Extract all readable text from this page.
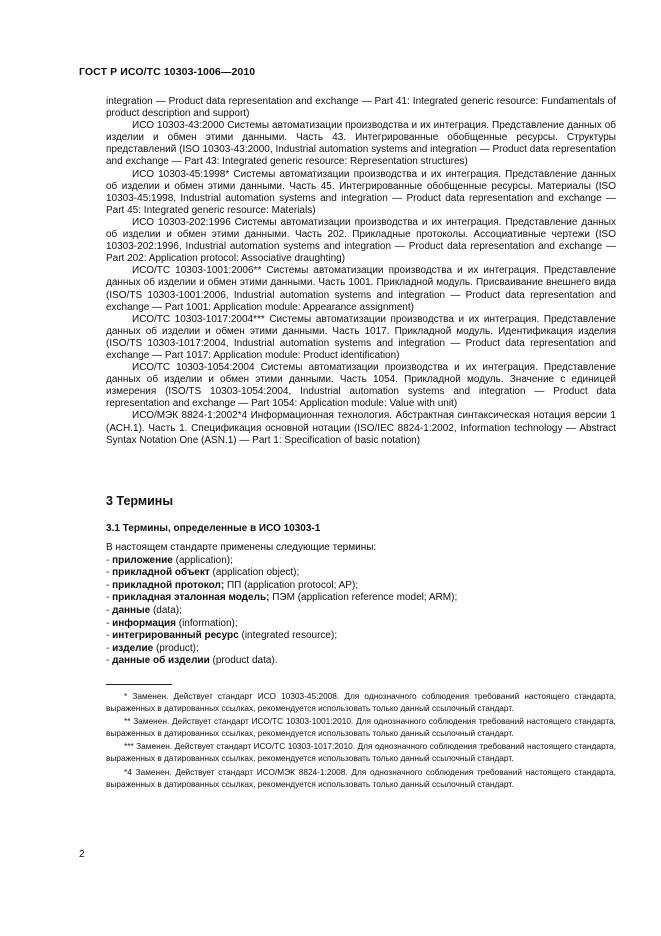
ГОСТ Р ИСО/ТС 10303-1006—2010

integration — Product data representation and exchange — Part 41: Integrated generic resource: Fundamentals of product description and support)

ИСО 10303-43:2000 Системы автоматизации производства и их интеграция. Представление данных об изделии и обмен этими данными. Часть 43. Интегрированные обобщенные ресурсы. Структуры представлений (ISO 10303-43:2000, Industrial automation systems and integration — Product data representation and exchange — Part 43: Integrated generic resource: Representation structures)

ИСО 10303-45:1998* Системы автоматизации производства и их интеграция. Представление данных об изделии и обмен этими данными. Часть 45. Интегрированные обобщенные ресурсы. Материалы (ISO 10303-45:1998, Industrial automation systems and integration — Product data representation and exchange — Part 45: Integrated generic resource: Materials)

ИСО 10303-202:1996 Системы автоматизации производства и их интеграция. Представление данных об изделии и обмен этими данными. Часть 202. Прикладные протоколы. Ассоциативные чертежи (ISO 10303-202:1996, Industrial automation systems and integration — Product data representation and exchange — Part 202: Application protocol: Associative draughting)

ИСО/ТС 10303-1001:2006** Системы автоматизации производства и их интеграция. Представление данных об изделии и обмен этими данными. Часть 1001. Прикладной модуль. Присваивание внешнего вида (ISO/TS 10303-1001:2006, Industrial automation systems and integration — Product data representation and exchange — Part 1001: Application module: Appearance assignment)

ИСО/ТС 10303-1017:2004*** Системы автоматизации производства и их интеграция. Представление данных об изделии и обмен этими данными. Часть 1017. Прикладной модуль. Идентификация изделия (ISO/TS 10303-1017:2004, Industrial automation systems and integration — Product data representation and exchange — Part 1017: Application module: Product identification)

ИСО/ТС 10303-1054:2004 Системы автоматизации производства и их интеграция. Представление данных об изделии и обмен этими данными. Часть 1054. Прикладной модуль. Значение с единицей измерения (ISO/TS 10303-1054:2004, Industrial automation systems and integration — Product data representation and exchange — Part 1054: Application module: Value with unit)

ИСО/МЭК 8824-1:2002*4 Информационная технология. Абстрактная синтаксическая нотация версии 1 (АСН.1). Часть 1. Спецификация основной нотации (ISO/IEC 8824-1:2002, Information technology — Abstract Syntax Notation One (ASN.1) — Part 1: Specification of basic notation)

3 Термины
3.1 Термины, определенные в ИСО 10303-1
В настоящем стандарте применены следующие термины:
- приложение (application);
- прикладной объект (application object);
- прикладной протокол; ПП (application protocol; AP);
- прикладная эталонная модель; ПЭМ (application reference model; ARM);
- данные (data);
- информация (information);
- интегрированный ресурс (integrated resource);
- изделие (product);
- данные об изделии (product data).

* Заменен. Действует стандарт ИСО 10303-45:2008. Для однозначного соблюдения требований настоящего стандарта, выраженных в датированных ссылках, рекомендуется использовать только данный ссылочный стандарт.

** Заменен. Действует стандарт ИСО/ТС 10303-1001:2010. Для однозначного соблюдения требований настоящего стандарта, выраженных в датированных ссылках, рекомендуется использовать только данный ссылочный стандарт.

*** Заменен. Действует стандарт ИСО/ТС 10303-1017:2010. Для однозначного соблюдения требований настоящего стандарта, выраженных в датированных ссылках, рекомендуется использовать только данный ссылочный стандарт.

*4 Заменен. Действует стандарт ИСО/МЭК 8824-1:2008. Для однозначного соблюдения требований настоящего стандарта, выраженных в датированных ссылках, рекомендуется использовать только данный ссылочный стандарт.

2
